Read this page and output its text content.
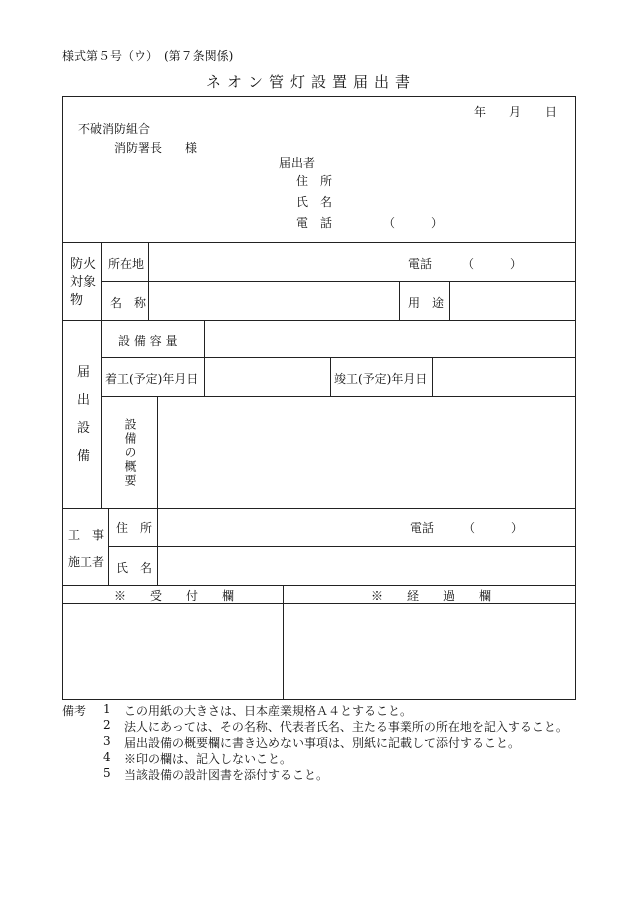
様式第５号（ウ）　(第７条関係)
ネオン管灯設置届出書
年 月 日
不破消防組合
消防署長 様
届出者
住　所
氏　名
電　話	（　　　）
防火
対象
物
所在地	電話 （　　　）
名　称	用　途
届

出

設

備
設 備 容 量
着工(予定)年月日	竣工(予定)年月日
設備の概要
工　事
施工者
住　所	電話 （　　　）
氏　名
※　　受　　付　　欄	※　　経　　過　　欄
備考 1 この用紙の大きさは、日本産業規格Ａ４とすること。
2 法人にあっては、その名称、代表者氏名、主たる事業所の所在地を記入すること。
3 届出設備の概要欄に書き込めない事項は、別紙に記載して添付すること。
4 ※印の欄は、記入しないこと。
5 当該設備の設計図書を添付すること。
